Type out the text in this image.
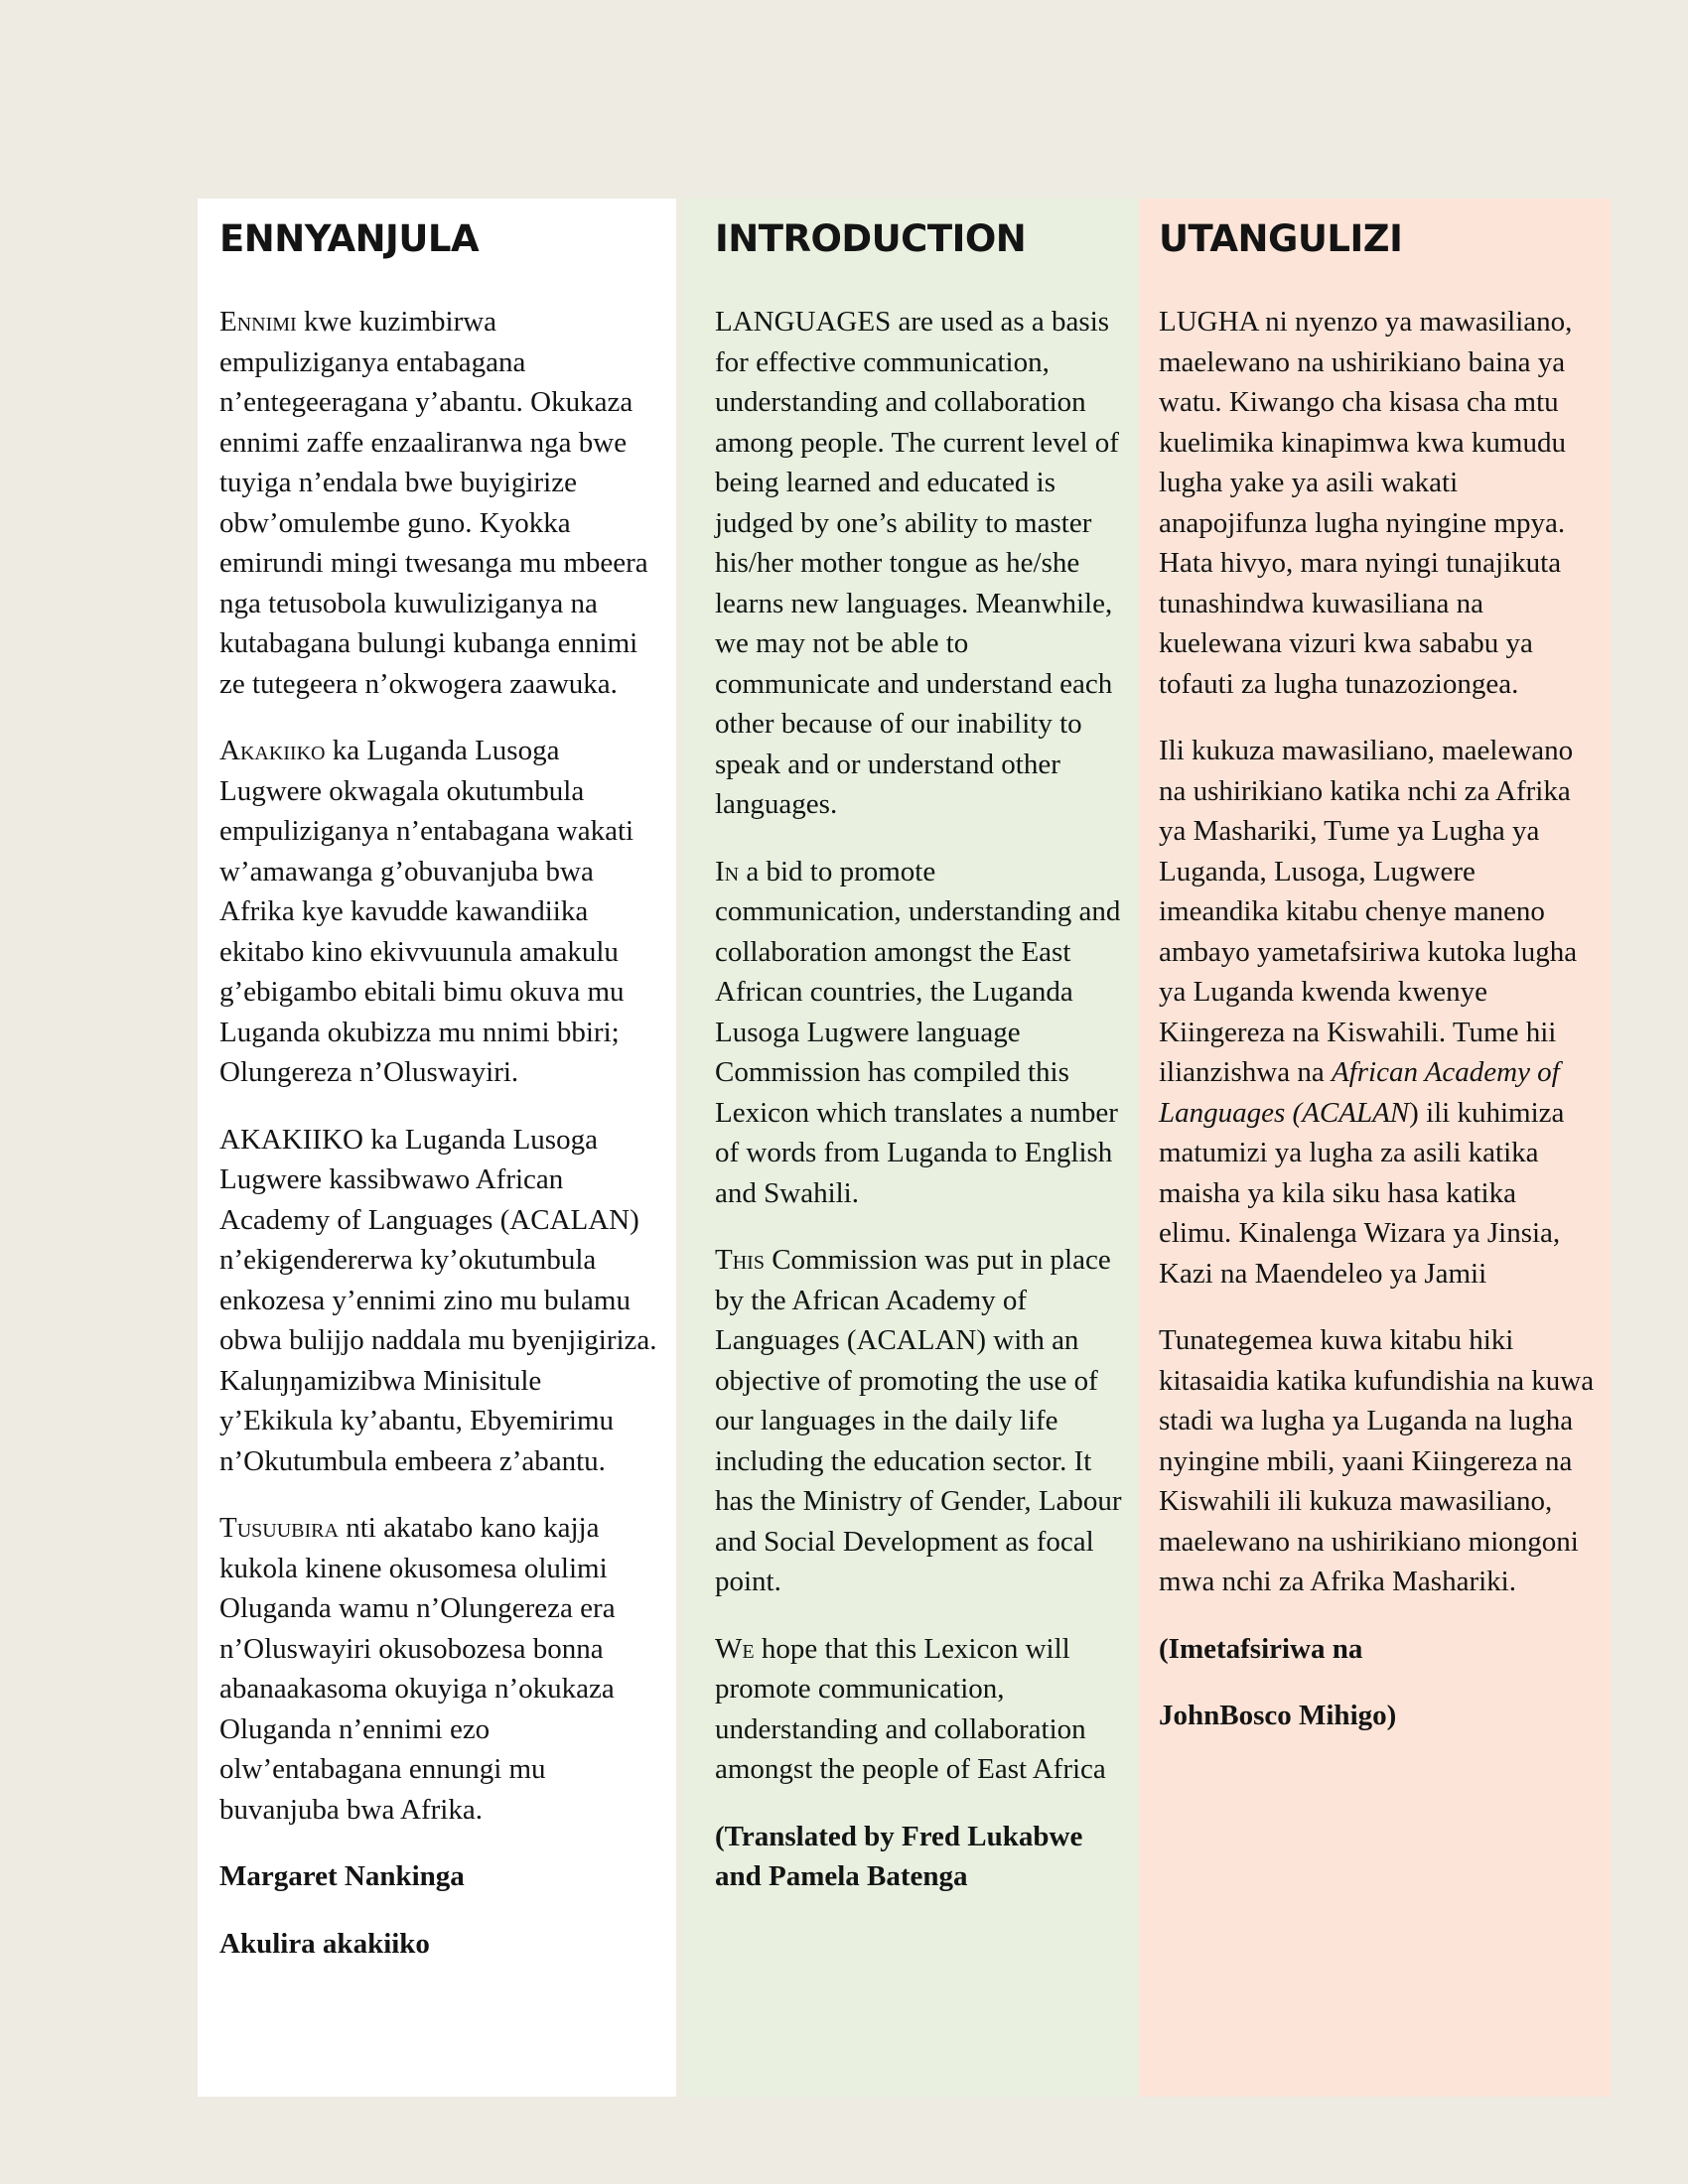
ENNYANJULA

Ennimi kwe kuzimbirwa empuliziganya entabagana n’entegeeragana y’abantu. Okukaza ennimi zaffe enzaaliranwa nga bwe tuyiga n’endala bwe buyigirize obw’omulembe guno. Kyokka emirundi mingi twesanga mu mbeera nga tetusobola kuwuliziganya na kutabagana bulungi kubanga ennimi ze tutegeera n’okwogera zaawuka.

Akakiiko ka Luganda Lusoga Lugwere okwagala okutumbula empuliziganya n’entabagana wakati w’amawanga g’obuvanjuba bwa Afrika kye kavudde kawandiika ekitabo kino ekivvuunula amakulu g’ebigambo ebitali bimu okuva mu Luganda okubizza mu nnimi bbiri; Olungereza n’Oluswayiri.

AKAKIIKO ka Luganda Lusoga Lugwere kassibwawo African Academy of Languages (ACALAN) n’ekigendererwa ky’okutumbula enkozesa y’ennimi zino mu bulamu obwa bulijjo naddala mu byenjigiriza. Kaluŋŋamizibwa Minisitule y’Ekikula ky’abantu, Ebyemirimu n’Okutumbula embeera z’abantu.

Tusuubira nti akatabo kano kajja kukola kinene okusomesa olulimi Oluganda wamu n’Olungereza era n’Oluswayiri okusobozesa bonna abanaakasoma okuyiga n’okukaza Oluganda n’ennimi ezo olw’entabagana ennungi mu buvanjuba bwa Afrika.

Margaret Nankinga

Akulira akakiiko

INTRODUCTION

LANGUAGES are used as a basis for effective communication, understanding and collaboration among people. The current level of being learned and educated is judged by one’s ability to master his/her mother tongue as he/she learns new languages. Meanwhile, we may not be able to communicate and understand each other because of our inability to speak and or understand other languages.

In a bid to promote communication, understanding and collaboration amongst the East African countries, the Luganda Lusoga Lugwere language Commission has compiled this Lexicon which translates a number of words from Luganda to English and Swahili.

This Commission was put in place by the African Academy of Languages (ACALAN) with an objective of promoting the use of our languages in the daily life including the education sector. It has the Ministry of Gender, Labour and Social Development as focal point.

We hope that this Lexicon will promote communication, understanding and collaboration amongst the people of East Africa

(Translated by Fred Lukabwe and Pamela Batenga

UTANGULIZI

LUGHA ni nyenzo ya mawasiliano, maelewano na ushirikiano baina ya watu. Kiwango cha kisasa cha mtu kuelimika kinapimwa kwa kumudu lugha yake ya asili wakati anapojifunza lugha nyingine mpya. Hata hivyo, mara nyingi tunajikuta tunashindwa kuwasiliana na kuelewana vizuri kwa sababu ya tofauti za lugha tunazoziongea.

Ili kukuza mawasiliano, maelewano na ushirikiano katika nchi za Afrika ya Mashariki, Tume ya Lugha ya Luganda, Lusoga, Lugwere imeandika kitabu chenye maneno ambayo yametafsiriwa kutoka lugha ya Luganda kwenda kwenye Kiingereza na Kiswahili. Tume hii ilianzishwa na African Academy of Languages (ACALAN) ili kuhimiza matumizi ya lugha za asili katika maisha ya kila siku hasa katika elimu. Kinalenga Wizara ya Jinsia, Kazi na Maendeleo ya Jamii

Tunategemea kuwa kitabu hiki kitasaidia katika kufundishia na kuwa stadi wa lugha ya Luganda na lugha nyingine mbili, yaani Kiingereza na Kiswahili ili kukuza mawasiliano, maelewano na ushirikiano miongoni mwa nchi za Afrika Mashariki.

(Imetafsiriwa na

JohnBosco Mihigo)
